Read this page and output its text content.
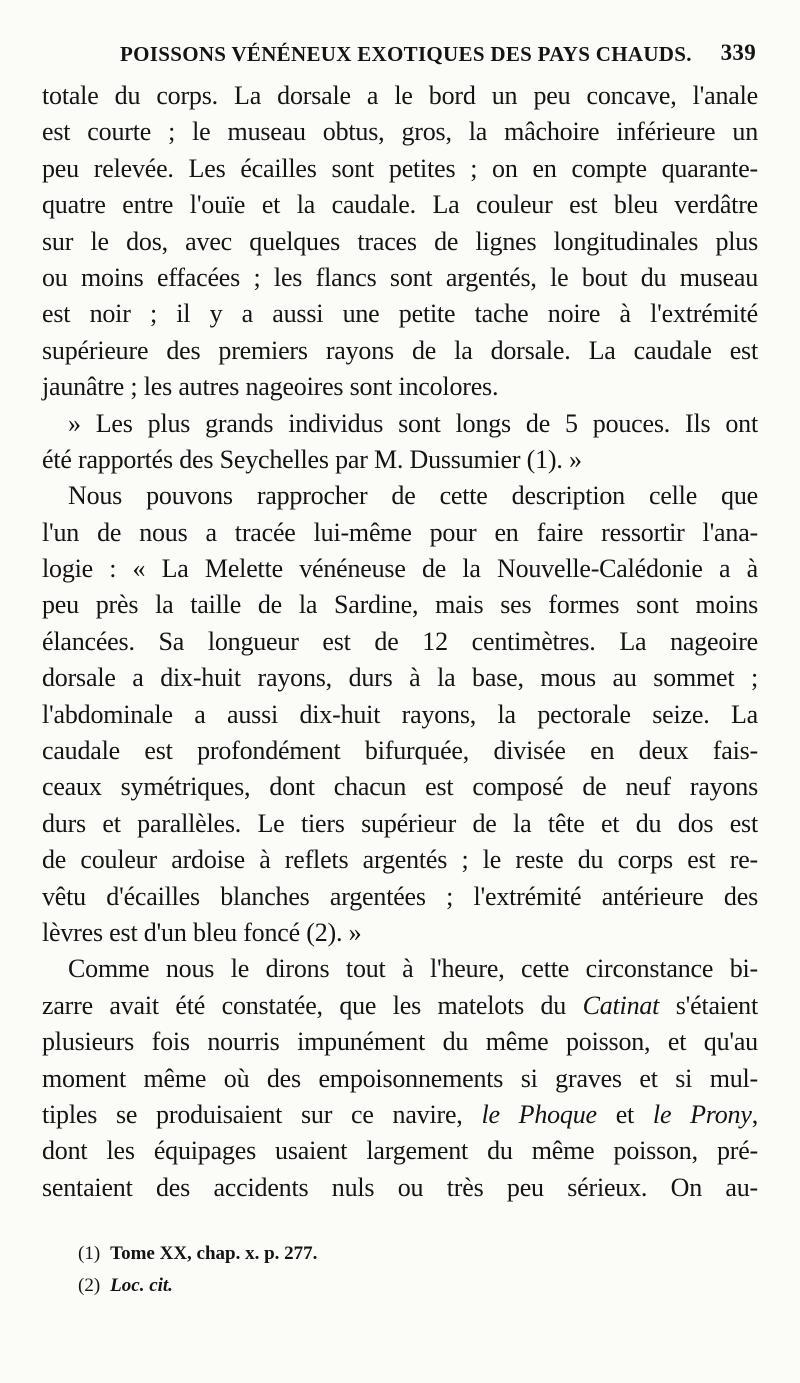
POISSONS VÉNÉNEUX EXOTIQUES DES PAYS CHAUDS. 339
totale du corps. La dorsale a le bord un peu concave, l'anale
est courte ; le museau obtus, gros, la mâchoire inférieure un
peu relevée. Les écailles sont petites ; on en compte quarante-
quatre entre l'ouïe et la caudale. La couleur est bleu verdâtre
sur le dos, avec quelques traces de lignes longitudinales plus
ou moins effacées ; les flancs sont argentés, le bout du museau
est noir ; il y a aussi une petite tache noire à l'extrémité
supérieure des premiers rayons de la dorsale. La caudale est
jaunâtre ; les autres nageoires sont incolores.
» Les plus grands individus sont longs de 5 pouces. Ils ont
été rapportés des Seychelles par M. Dussumier (1). »
Nous pouvons rapprocher de cette description celle que
l'un de nous a tracée lui-même pour en faire ressortir l'ana-
logie : « La Melette vénéneuse de la Nouvelle-Calédonie a à
peu près la taille de la Sardine, mais ses formes sont moins
élancées. Sa longueur est de 12 centimètres. La nageoire
dorsale a dix-huit rayons, durs à la base, mous au sommet ;
l'abdominale a aussi dix-huit rayons, la pectorale seize. La
caudale est profondément bifurquée, divisée en deux fais-
ceaux symétriques, dont chacun est composé de neuf rayons
durs et parallèles. Le tiers supérieur de la tête et du dos est
de couleur ardoise à reflets argentés ; le reste du corps est re-
vêtu d'écailles blanches argentées ; l'extrémité antérieure des
lèvres est d'un bleu foncé (2). »
Comme nous le dirons tout à l'heure, cette circonstance bi-
zarre avait été constatée, que les matelots du Catinat s'étaient
plusieurs fois nourris impunément du même poisson, et qu'au
moment même où des empoisonnements si graves et si mul-
tiples se produisaient sur ce navire, le Phoque et le Prony,
dont les équipages usaient largement du même poisson, pré-
sentaient des accidents nuls ou très peu sérieux. On au-
(1) Tome XX, chap. x. p. 277.
(2) Loc. cit.
